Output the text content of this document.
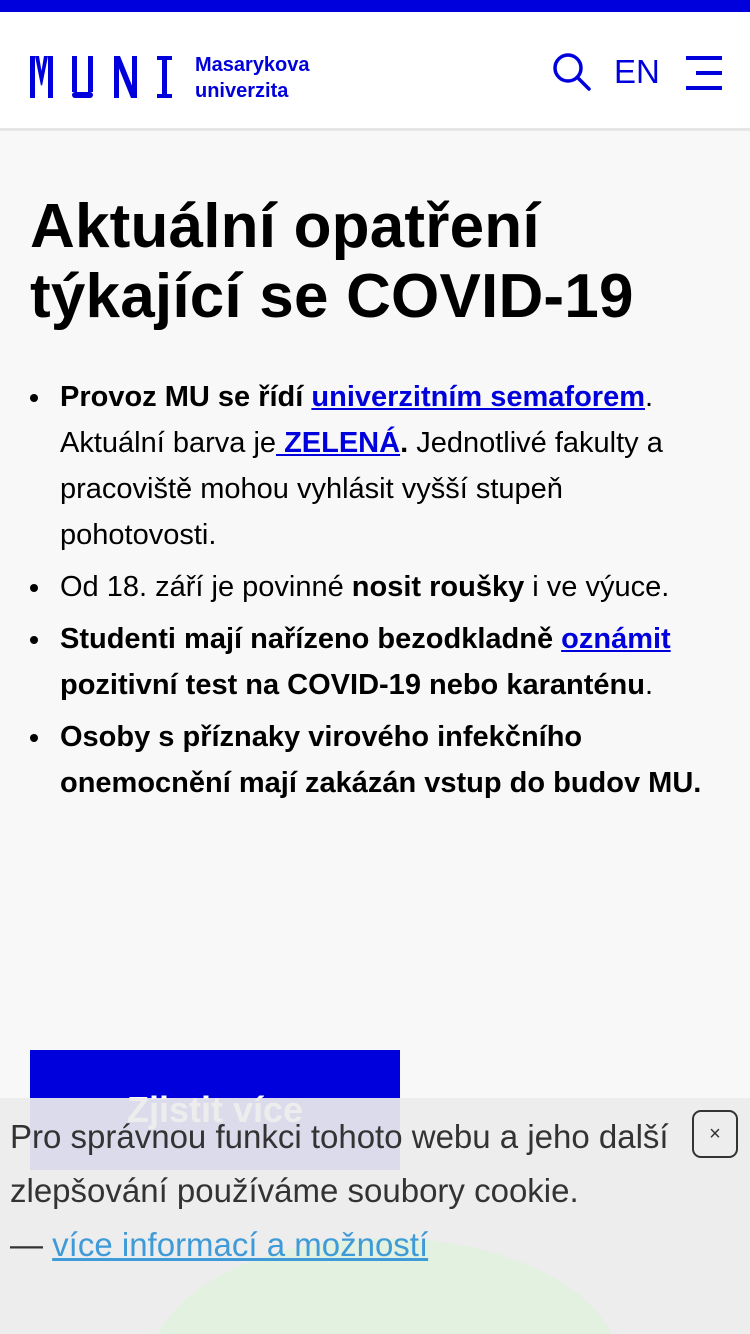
Masarykova
univerzita
EN
Aktuální opatření týkající se COVID-19
Provoz MU se řídí univerzitním semaforem. Aktuální barva je ZELENÁ. Jednotlivé fakulty a pracoviště mohou vyhlásit vyšší stupeň pohotovosti.
Od 18. září je povinné nosit roušky i ve výuce.
Studenti mají nařízeno bezodkladně oznámit pozitivní test na COVID-19 nebo karanténu.
Osoby s příznaky virového infekčního onemocnění mají zakázán vstup do budov MU.
Pro správnou funkci tohoto webu a jeho další zlepšování používáme soubory cookie.
— více informací a možností
×
